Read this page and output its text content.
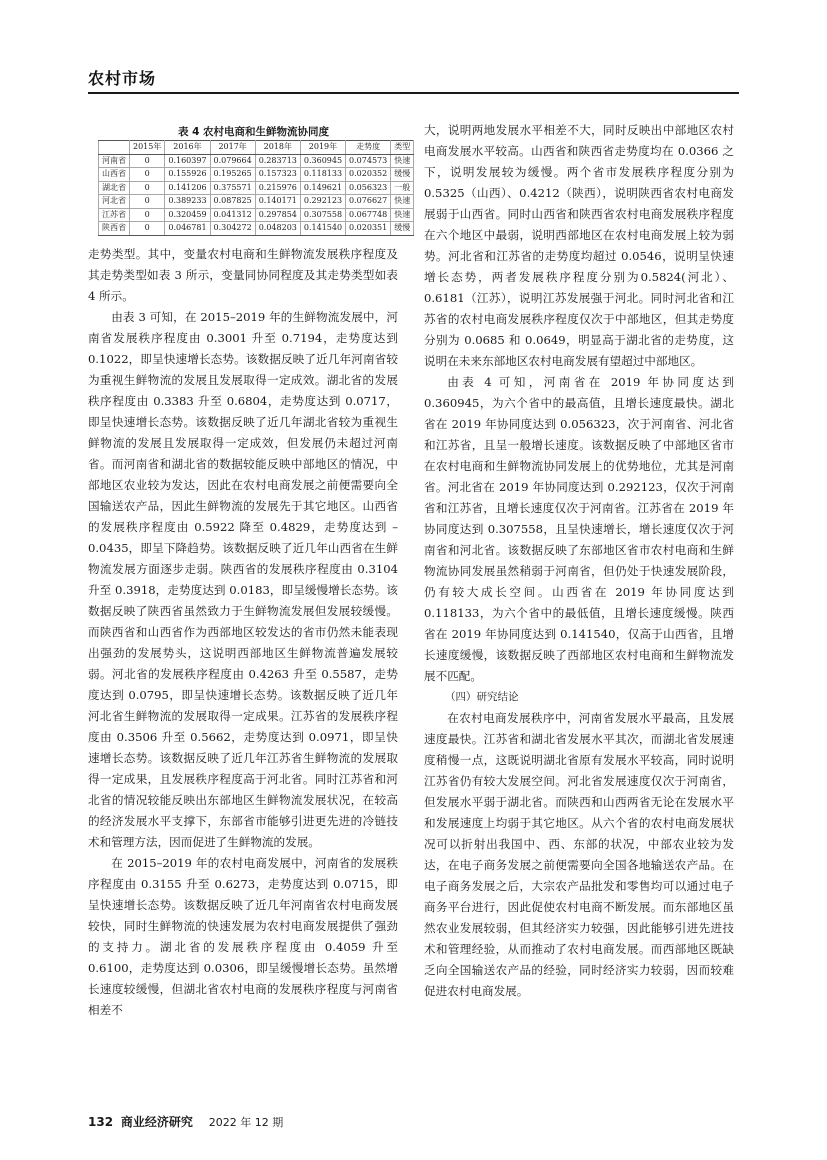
农村市场

表 4 农村电商和生鲜物流协同度

	2015年	2016年	2017年	2018年	2019年	走势度	类型
河南省	0	0.160397	0.079664	0.283713	0.360945	0.074573	快速
山西省	0	0.155926	0.195265	0.157323	0.118133	0.020352	缓慢
湖北省	0	0.141206	0.375571	0.215976	0.149621	0.056323	一般
河北省	0	0.389233	0.087825	0.140171	0.292123	0.076627	快速
江苏省	0	0.320459	0.041312	0.297854	0.307558	0.067748	快速
陕西省	0	0.046781	0.304272	0.048203	0.141540	0.020351	缓慢

走势类型。其中，变量农村电商和生鲜物流发展秩序程度及其走势类型如表 3 所示，变量同协同程度及其走势类型如表 4 所示。

由表 3 可知，在 2015–2019 年的生鲜物流发展中，河南省发展秩序程度由 0.3001 升至 0.7194，走势度达到 0.1022，即呈快速增长态势。该数据反映了近几年河南省较为重视生鲜物流的发展且发展取得一定成效。湖北省的发展秩序程度由 0.3383 升至 0.6804，走势度达到 0.0717，即呈快速增长态势。该数据反映了近几年湖北省较为重视生鲜物流的发展且发展取得一定成效，但发展仍未超过河南省。而河南省和湖北省的数据较能反映中部地区的情况，中部地区农业较为发达，因此在农村电商发展之前便需要向全国输送农产品，因此生鲜物流的发展先于其它地区。山西省的发展秩序程度由 0.5922 降至 0.4829，走势度达到 –0.0435，即呈下降趋势。该数据反映了近几年山西省在生鲜物流发展方面逐步走弱。陕西省的发展秩序程度由 0.3104 升至 0.3918，走势度达到 0.0183，即呈缓慢增长态势。该数据反映了陕西省虽然致力于生鲜物流发展但发展较缓慢。而陕西省和山西省作为西部地区较发达的省市仍然未能表现出强劲的发展势头，这说明西部地区生鲜物流普遍发展较弱。河北省的发展秩序程度由 0.4263 升至 0.5587，走势度达到 0.0795，即呈快速增长态势。该数据反映了近几年河北省生鲜物流的发展取得一定成果。江苏省的发展秩序程度由 0.3506 升至 0.5662，走势度达到 0.0971，即呈快速增长态势。该数据反映了近几年江苏省生鲜物流的发展取得一定成果，且发展秩序程度高于河北省。同时江苏省和河北省的情况较能反映出东部地区生鲜物流发展状况，在较高的经济发展水平支撑下，东部省市能够引进更先进的冷链技术和管理方法，因而促进了生鲜物流的发展。

在 2015–2019 年的农村电商发展中，河南省的发展秩序程度由 0.3155 升至 0.6273，走势度达到 0.0715，即呈快速增长态势。该数据反映了近几年河南省农村电商发展较快，同时生鲜物流的快速发展为农村电商发展提供了强劲的支持力。湖北省的发展秩序程度由 0.4059 升至 0.6100，走势度达到 0.0306，即呈缓慢增长态势。虽然增长速度较缓慢，但湖北省农村电商的发展秩序程度与河南省相差不

大，说明两地发展水平相差不大，同时反映出中部地区农村电商发展水平较高。山西省和陕西省走势度均在 0.0366 之下，说明发展较为缓慢。两个省市发展秩序程度分别为 0.5325（山西）、0.4212（陕西），说明陕西省农村电商发展弱于山西省。同时山西省和陕西省农村电商发展秩序程度在六个地区中最弱，说明西部地区在农村电商发展上较为弱势。河北省和江苏省的走势度均超过 0.0546，说明呈快速增长态势，两者发展秩序程度分别为0.5824(河北）、0.6181（江苏），说明江苏发展强于河北。同时河北省和江苏省的农村电商发展秩序程度仅次于中部地区，但其走势度分别为 0.0685 和 0.0649，明显高于湖北省的走势度，这说明在未来东部地区农村电商发展有望超过中部地区。

由表 4 可知，河南省在 2019 年协同度达到 0.360945，为六个省中的最高值，且增长速度最快。湖北省在 2019 年协同度达到 0.056323，次于河南省、河北省和江苏省，且呈一般增长速度。该数据反映了中部地区省市在农村电商和生鲜物流协同发展上的优势地位，尤其是河南省。河北省在 2019 年协同度达到 0.292123，仅次于河南省和江苏省，且增长速度仅次于河南省。江苏省在 2019 年协同度达到 0.307558，且呈快速增长，增长速度仅次于河南省和河北省。该数据反映了东部地区省市农村电商和生鲜物流协同发展虽然稍弱于河南省，但仍处于快速发展阶段，仍有较大成长空间。山西省在 2019 年协同度达到 0.118133，为六个省中的最低值，且增长速度缓慢。陕西省在 2019 年协同度达到 0.141540，仅高于山西省，且增长速度缓慢，该数据反映了西部地区农村电商和生鲜物流发展不匹配。

（四）研究结论

在农村电商发展秩序中，河南省发展水平最高，且发展速度最快。江苏省和湖北省发展水平其次，而湖北省发展速度稍慢一点，这既说明湖北省原有发展水平较高，同时说明江苏省仍有较大发展空间。河北省发展速度仅次于河南省，但发展水平弱于湖北省。而陕西和山西两省无论在发展水平和发展速度上均弱于其它地区。从六个省的农村电商发展状况可以折射出我国中、西、东部的状况，中部农业较为发达，在电子商务发展之前便需要向全国各地输送农产品。在电子商务发展之后，大宗农产品批发和零售均可以通过电子商务平台进行，因此促使农村电商不断发展。而东部地区虽然农业发展较弱，但其经济实力较强，因此能够引进先进技术和管理经验，从而推动了农村电商发展。而西部地区既缺乏向全国输送农产品的经验，同时经济实力较弱，因而较难促进农村电商发展。

132 商业经济研究 2022 年 12 期
